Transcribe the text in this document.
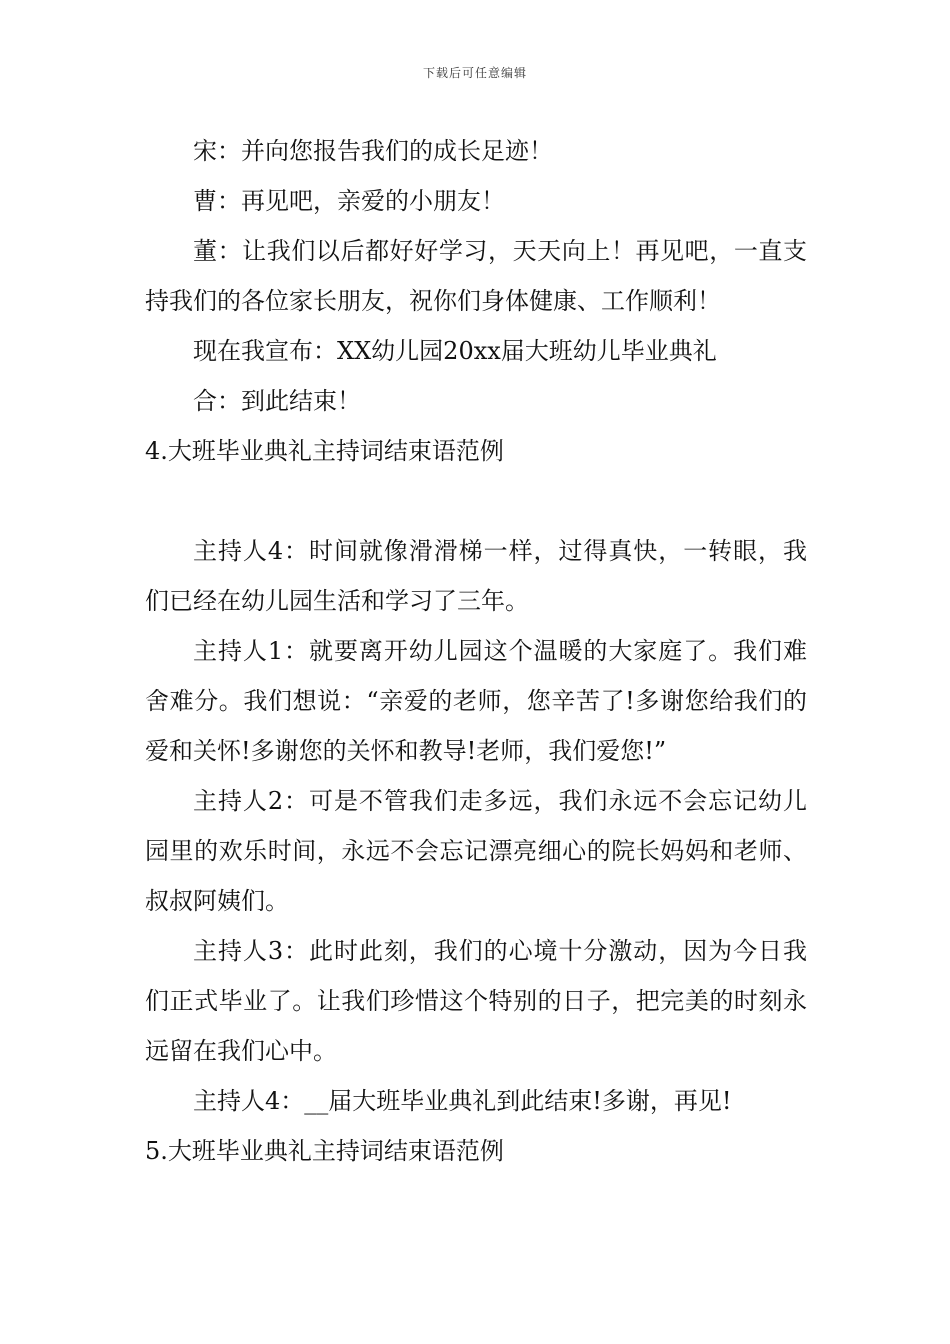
下载后可任意编辑

宋：并向您报告我们的成长足迹！

曹：再见吧，亲爱的小朋友！

董：让我们以后都好好学习，天天向上！再见吧，一直支持我们的各位家长朋友，祝你们身体健康、工作顺利！

现在我宣布：XX幼儿园20xx届大班幼儿毕业典礼

合：到此结束！

4.大班毕业典礼主持词结束语范例

主持人4：时间就像滑滑梯一样，过得真快，一转眼，我们已经在幼儿园生活和学习了三年。

主持人1：就要离开幼儿园这个温暖的大家庭了。我们难舍难分。我们想说：“亲爱的老师，您辛苦了!多谢您给我们的爱和关怀!多谢您的关怀和教导!老师，我们爱您!”

主持人2：可是不管我们走多远，我们永远不会忘记幼儿园里的欢乐时间，永远不会忘记漂亮细心的院长妈妈和老师、叔叔阿姨们。

主持人3：此时此刻，我们的心境十分激动，因为今日我们正式毕业了。让我们珍惜这个特别的日子，把完美的时刻永远留在我们心中。

主持人4：__届大班毕业典礼到此结束!多谢，再见!

5.大班毕业典礼主持词结束语范例
